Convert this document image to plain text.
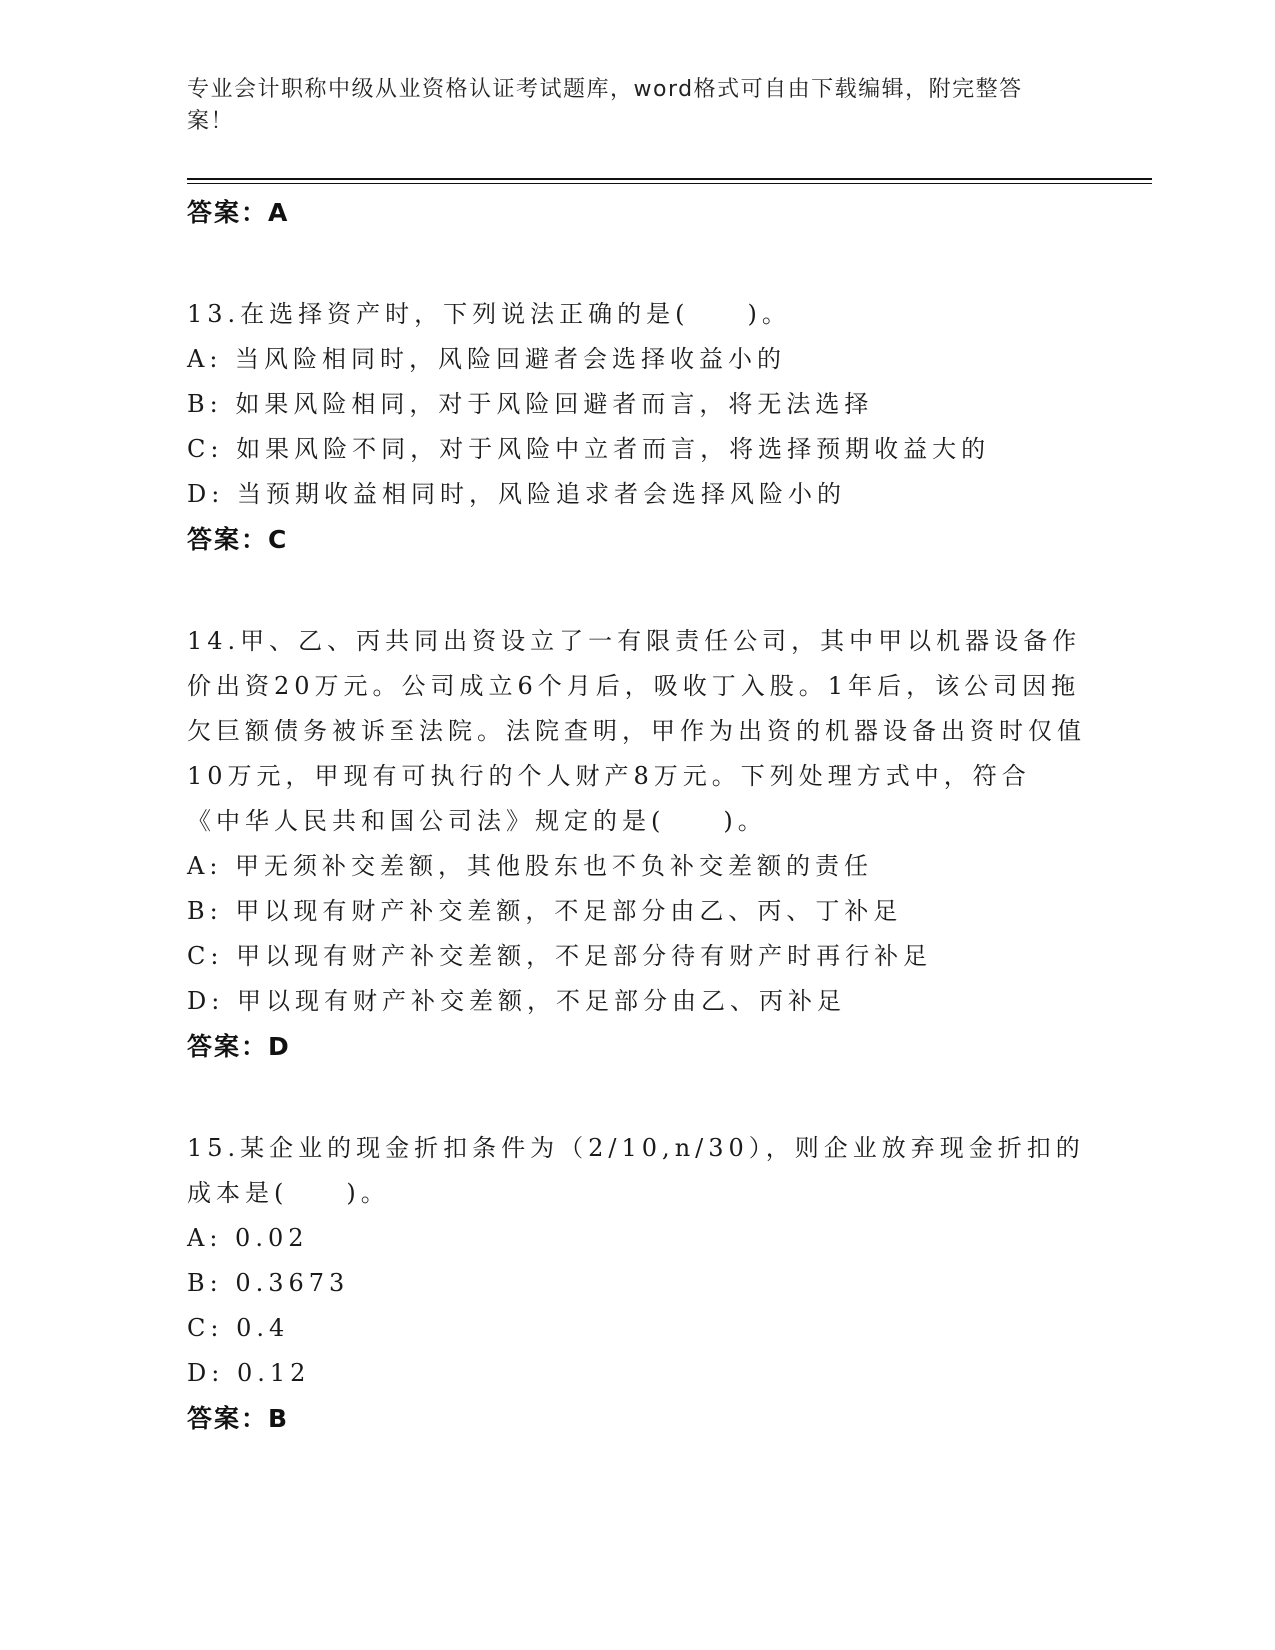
专业会计职称中级从业资格认证考试题库，word格式可自由下载编辑，附完整答案！
答案：A
13.在选择资产时，下列说法正确的是(　　)。
A: 当风险相同时，风险回避者会选择收益小的
B: 如果风险相同，对于风险回避者而言，将无法选择
C: 如果风险不同，对于风险中立者而言，将选择预期收益大的
D: 当预期收益相同时，风险追求者会选择风险小的
答案：C
14.甲、乙、丙共同出资设立了一有限责任公司，其中甲以机器设备作价出资20万元。公司成立6个月后，吸收丁入股。1年后，该公司因拖欠巨额债务被诉至法院。法院查明，甲作为出资的机器设备出资时仅值10万元，甲现有可执行的个人财产8万元。下列处理方式中，符合《中华人民共和国公司法》规定的是(　　)。
A: 甲无须补交差额，其他股东也不负补交差额的责任
B: 甲以现有财产补交差额，不足部分由乙、丙、丁补足
C: 甲以现有财产补交差额，不足部分待有财产时再行补足
D: 甲以现有财产补交差额，不足部分由乙、丙补足
答案：D
15.某企业的现金折扣条件为（2/10,n/30），则企业放弃现金折扣的成本是(　　)。
A: 0.02
B: 0.3673
C: 0.4
D: 0.12
答案：B
